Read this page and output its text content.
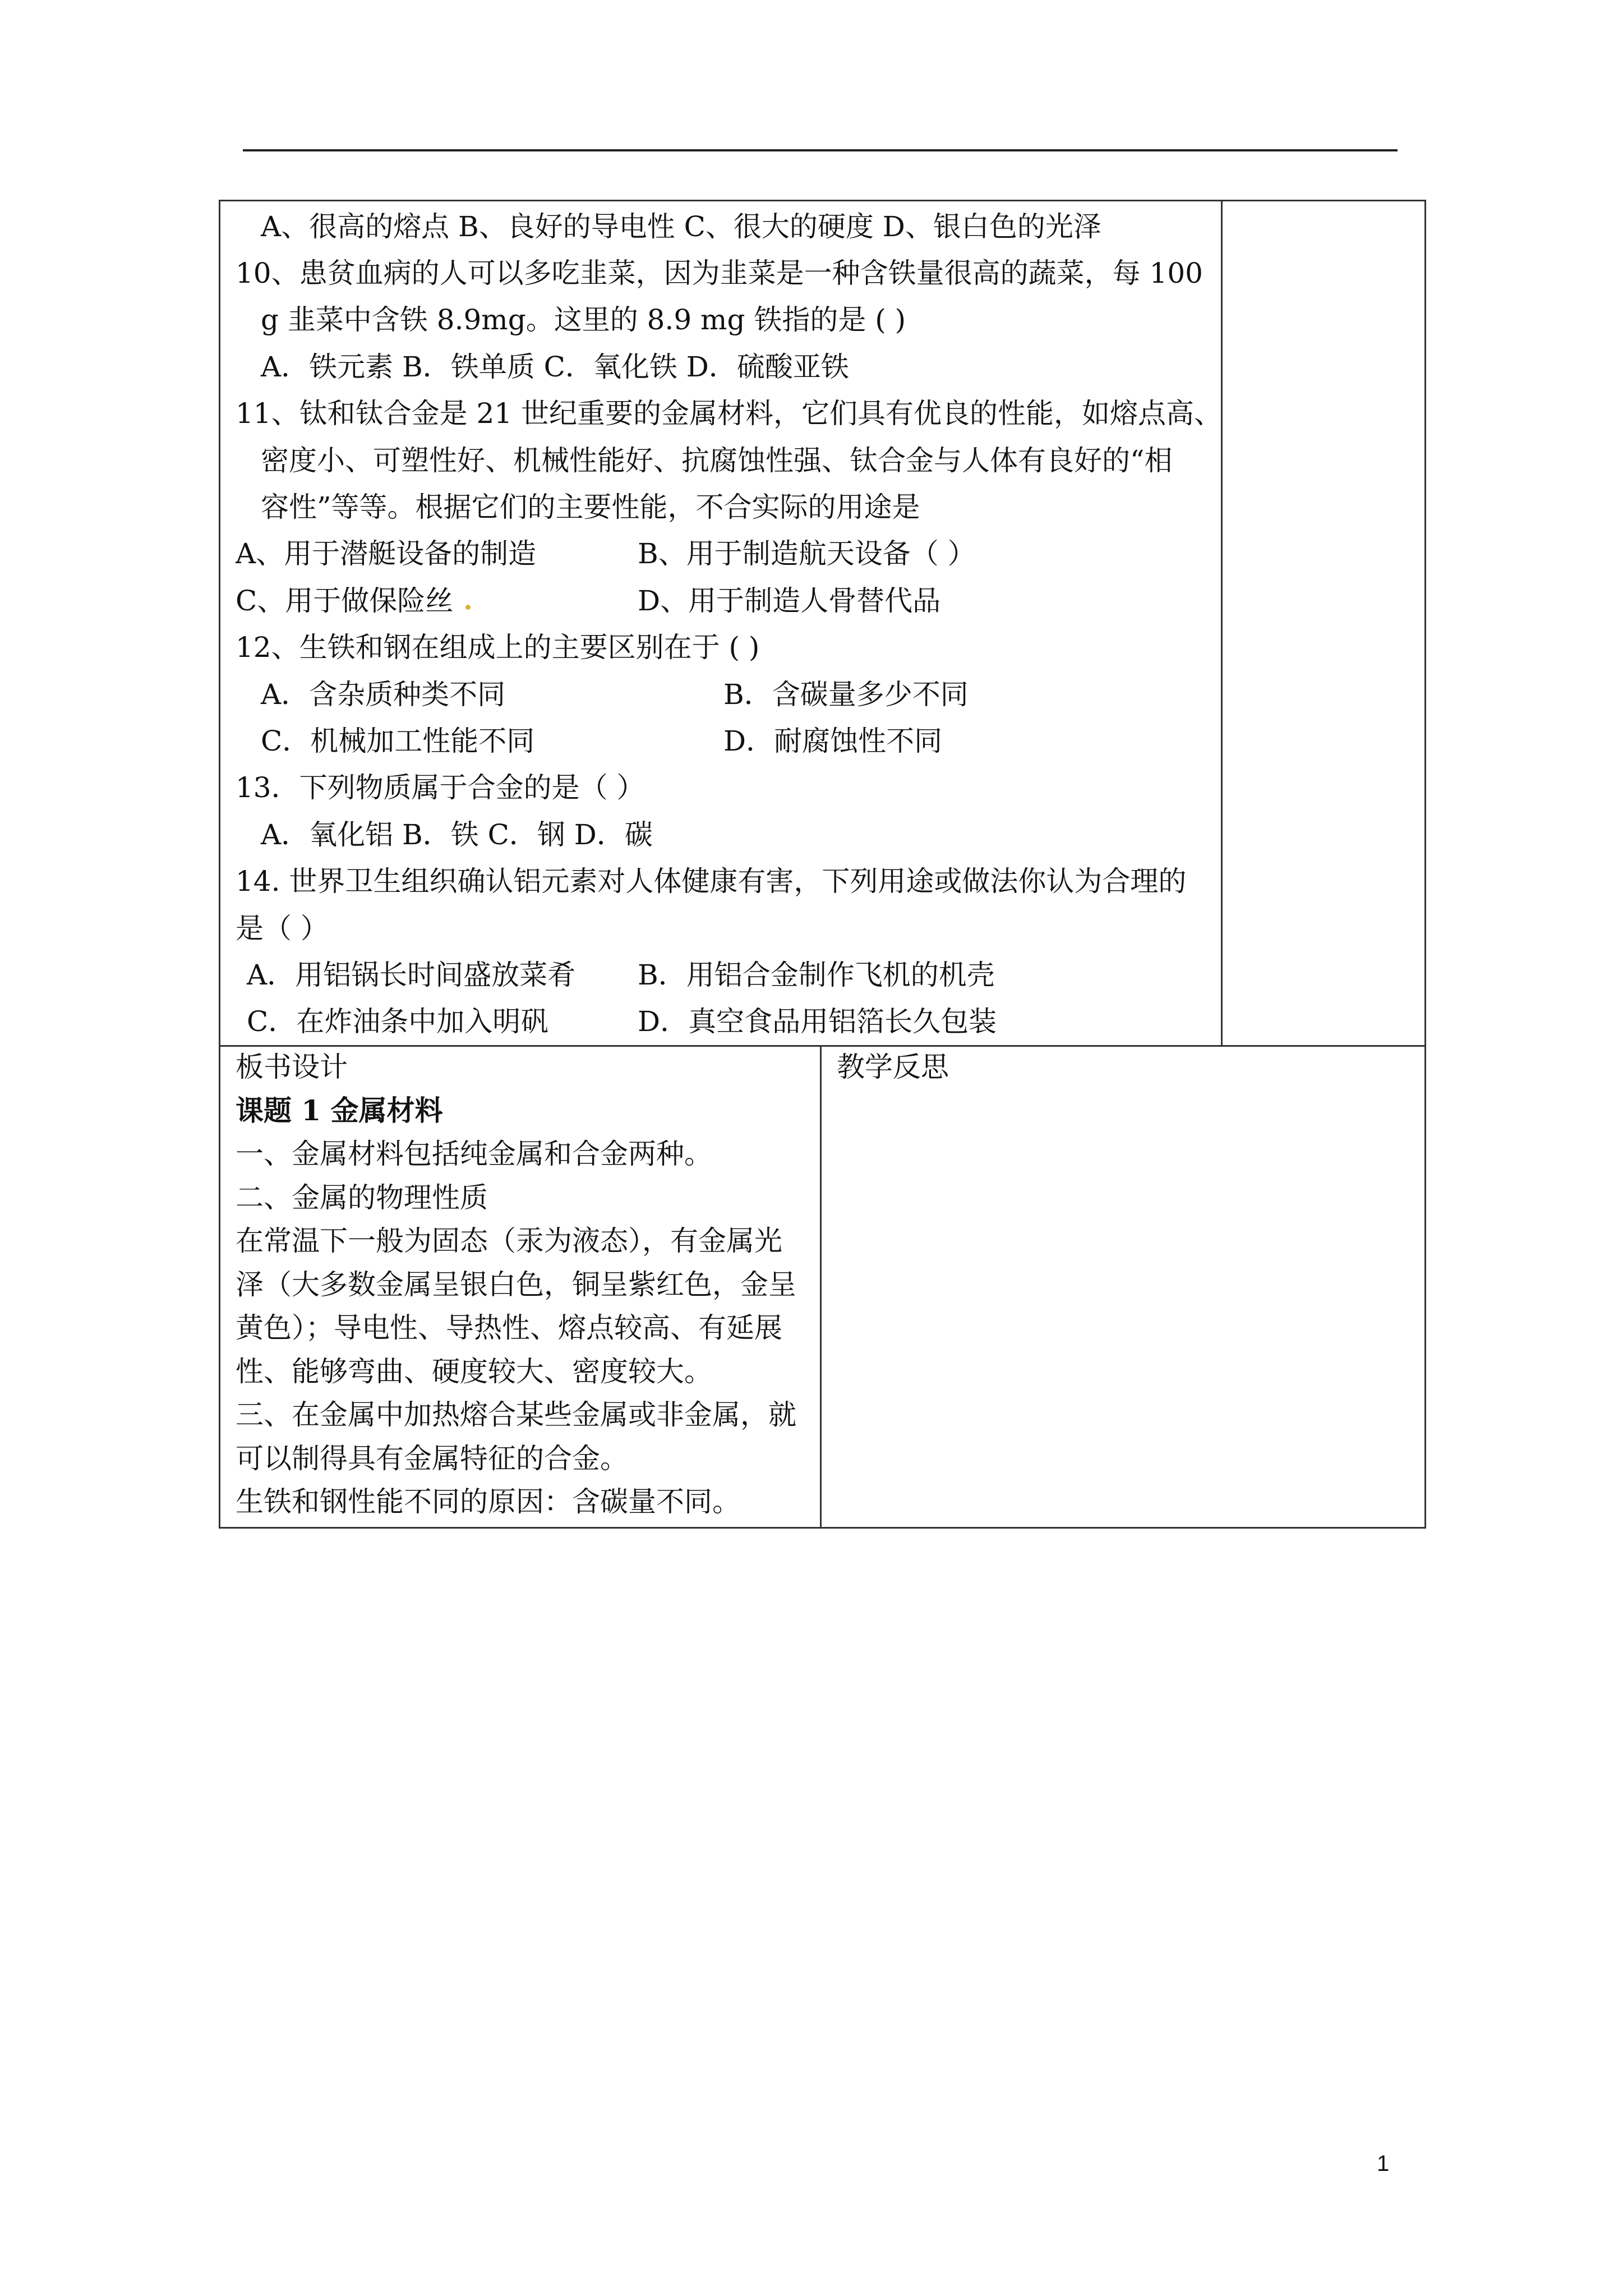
A、很高的熔点 B、良好的导电性 C、很大的硬度 D、银白色的光泽
10、患贫血病的人可以多吃韭菜，因为韭菜是一种含铁量很高的蔬菜，每 100
g 韭菜中含铁 8.9mg。这里的 8.9 mg 铁指的是 ( )
A．铁元素 B．铁单质 C．氧化铁 D．硫酸亚铁
11、钛和钛合金是 21 世纪重要的金属材料，它们具有优良的性能，如熔点高、
密度小、可塑性好、机械性能好、抗腐蚀性强、钛合金与人体有良好的“相
容性”等等。根据它们的主要性能，不合实际的用途是
A、用于潜艇设备的制造	B、用于制造航天设备（ ）
C、用于做保险丝	D、用于制造人骨替代品
12、生铁和钢在组成上的主要区别在于 ( )
A．含杂质种类不同	B．含碳量多少不同
C．机械加工性能不同	D．耐腐蚀性不同
13．下列物质属于合金的是（ ）
A．氧化铝 B．铁 C．钢 D．碳
14. 世界卫生组织确认铝元素对人体健康有害，下列用途或做法你认为合理的
是（ ）
A．用铝锅长时间盛放菜肴 B．用铝合金制作飞机的机壳
C．在炸油条中加入明矾	D．真空食品用铝箔长久包装
板书设计
课题 1 金属材料
一、金属材料包括纯金属和合金两种。
二、金属的物理性质
在常温下一般为固态（汞为液态），有金属光
泽（大多数金属呈银白色，铜呈紫红色，金呈
黄色）；导电性、导热性、熔点较高、有延展
性、能够弯曲、硬度较大、密度较大。
三、在金属中加热熔合某些金属或非金属，就
可以制得具有金属特征的合金。
生铁和钢性能不同的原因：含碳量不同。
教学反思
1
